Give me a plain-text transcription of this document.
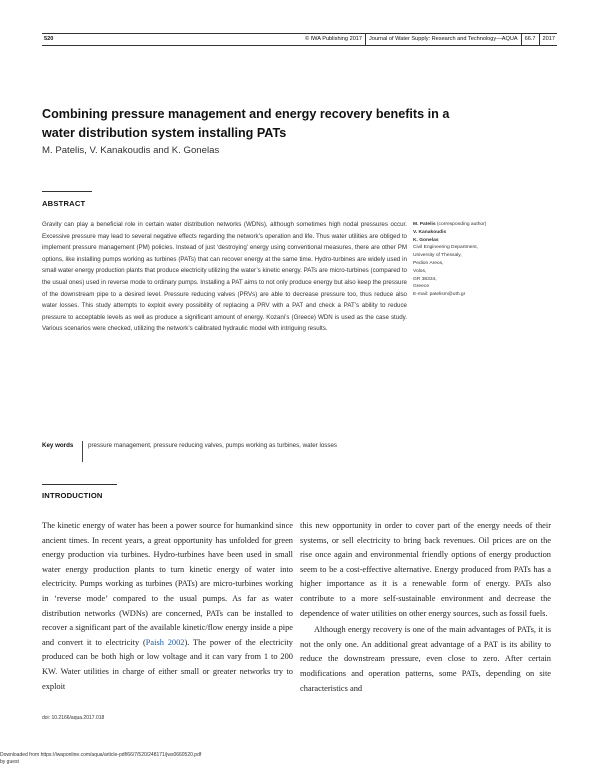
520	© IWA Publishing 2017 Journal of Water Supply: Research and Technology—AQUA 66.7 2017
Combining pressure management and energy recovery benefits in a water distribution system installing PATs
M. Patelis, V. Kanakoudis and K. Gonelas
ABSTRACT

Gravity can play a beneficial role in certain water distribution networks (WDNs), although sometimes high nodal pressures occur. Excessive pressure may lead to several negative effects regarding the network’s operation and life. Thus water utilities are obliged to implement pressure management (PM) policies. Instead of just ‘destroying’ energy using conventional measures, there are other PM options, like installing pumps working as turbines (PATs) that can recover energy at the same time. Hydro-turbines are widely used in small water energy production plants that produce electricity utilizing the water’s kinetic energy. PATs are micro-turbines (compared to the usual ones) used in reverse mode to ordinary pumps. Installing a PAT aims to not only produce energy but also keep the pressure of the downstream pipe to a desired level. Pressure reducing valves (PRVs) are able to decrease pressure too, thus reduce also water losses. This study attempts to exploit every possibility of replacing a PRV with a PAT and check a PAT’s ability to reduce pressure to acceptable levels as well as produce a significant amount of energy. Kozani’s (Greece) WDN is used as the case study. Various scenarios were checked, utilizing the network’s calibrated hydraulic model with intriguing results.

Key words pressure management, pressure reducing valves, pumps working as turbines, water losses
M. Patelis (corresponding author)
V. Kanakoudis
K. Gonelas
Civil Engineering Department,
University of Thessaly,
Pedion Areos,
Volos,
GR 38334,
Greece
E-mail: patelism@uth.gr
INTRODUCTION

The kinetic energy of water has been a power source for humankind since ancient times. In recent years, a great opportunity has unfolded for green energy production via turbines. Hydro-turbines have been used in small water energy production plants to turn kinetic energy of water into electricity. Pumps working as turbines (PATs) are micro-turbines working in ‘reverse mode’ compared to the usual pumps. As far as water distribution networks (WDNs) are concerned, PATs can be installed to recover a significant part of the available kinetic/flow energy inside a pipe and convert it to electricity (Paish 2002). The power of the electricity produced can be both high or low voltage and it can vary from 1 to 200 KW. Water utilities in charge of either small or greater networks try to exploit

this new opportunity in order to cover part of the energy needs of their systems, or sell electricity to bring back revenues. Oil prices are on the rise once again and environmental friendly options of energy production seem to be a cost-effective alternative. Energy produced from PATs has a higher importance as it is a renewable form of energy. PATs also contribute to a more self-sustainable environment and decrease the dependence of water utilities on other energy sources, such as fossil fuels.

Although energy recovery is one of the main advantages of PATs, it is not the only one. An additional great advantage of a PAT is its ability to reduce the downstream pressure, even close to zero. After certain modifications and operation patterns, some PATs, depending on site characteristics and

doi: 10.2166/aqua.2017.018
Downloaded from https://iwaponline.com/aqua/article-pdf/66/7/520/248171/jws0660520.pdf
by guest
